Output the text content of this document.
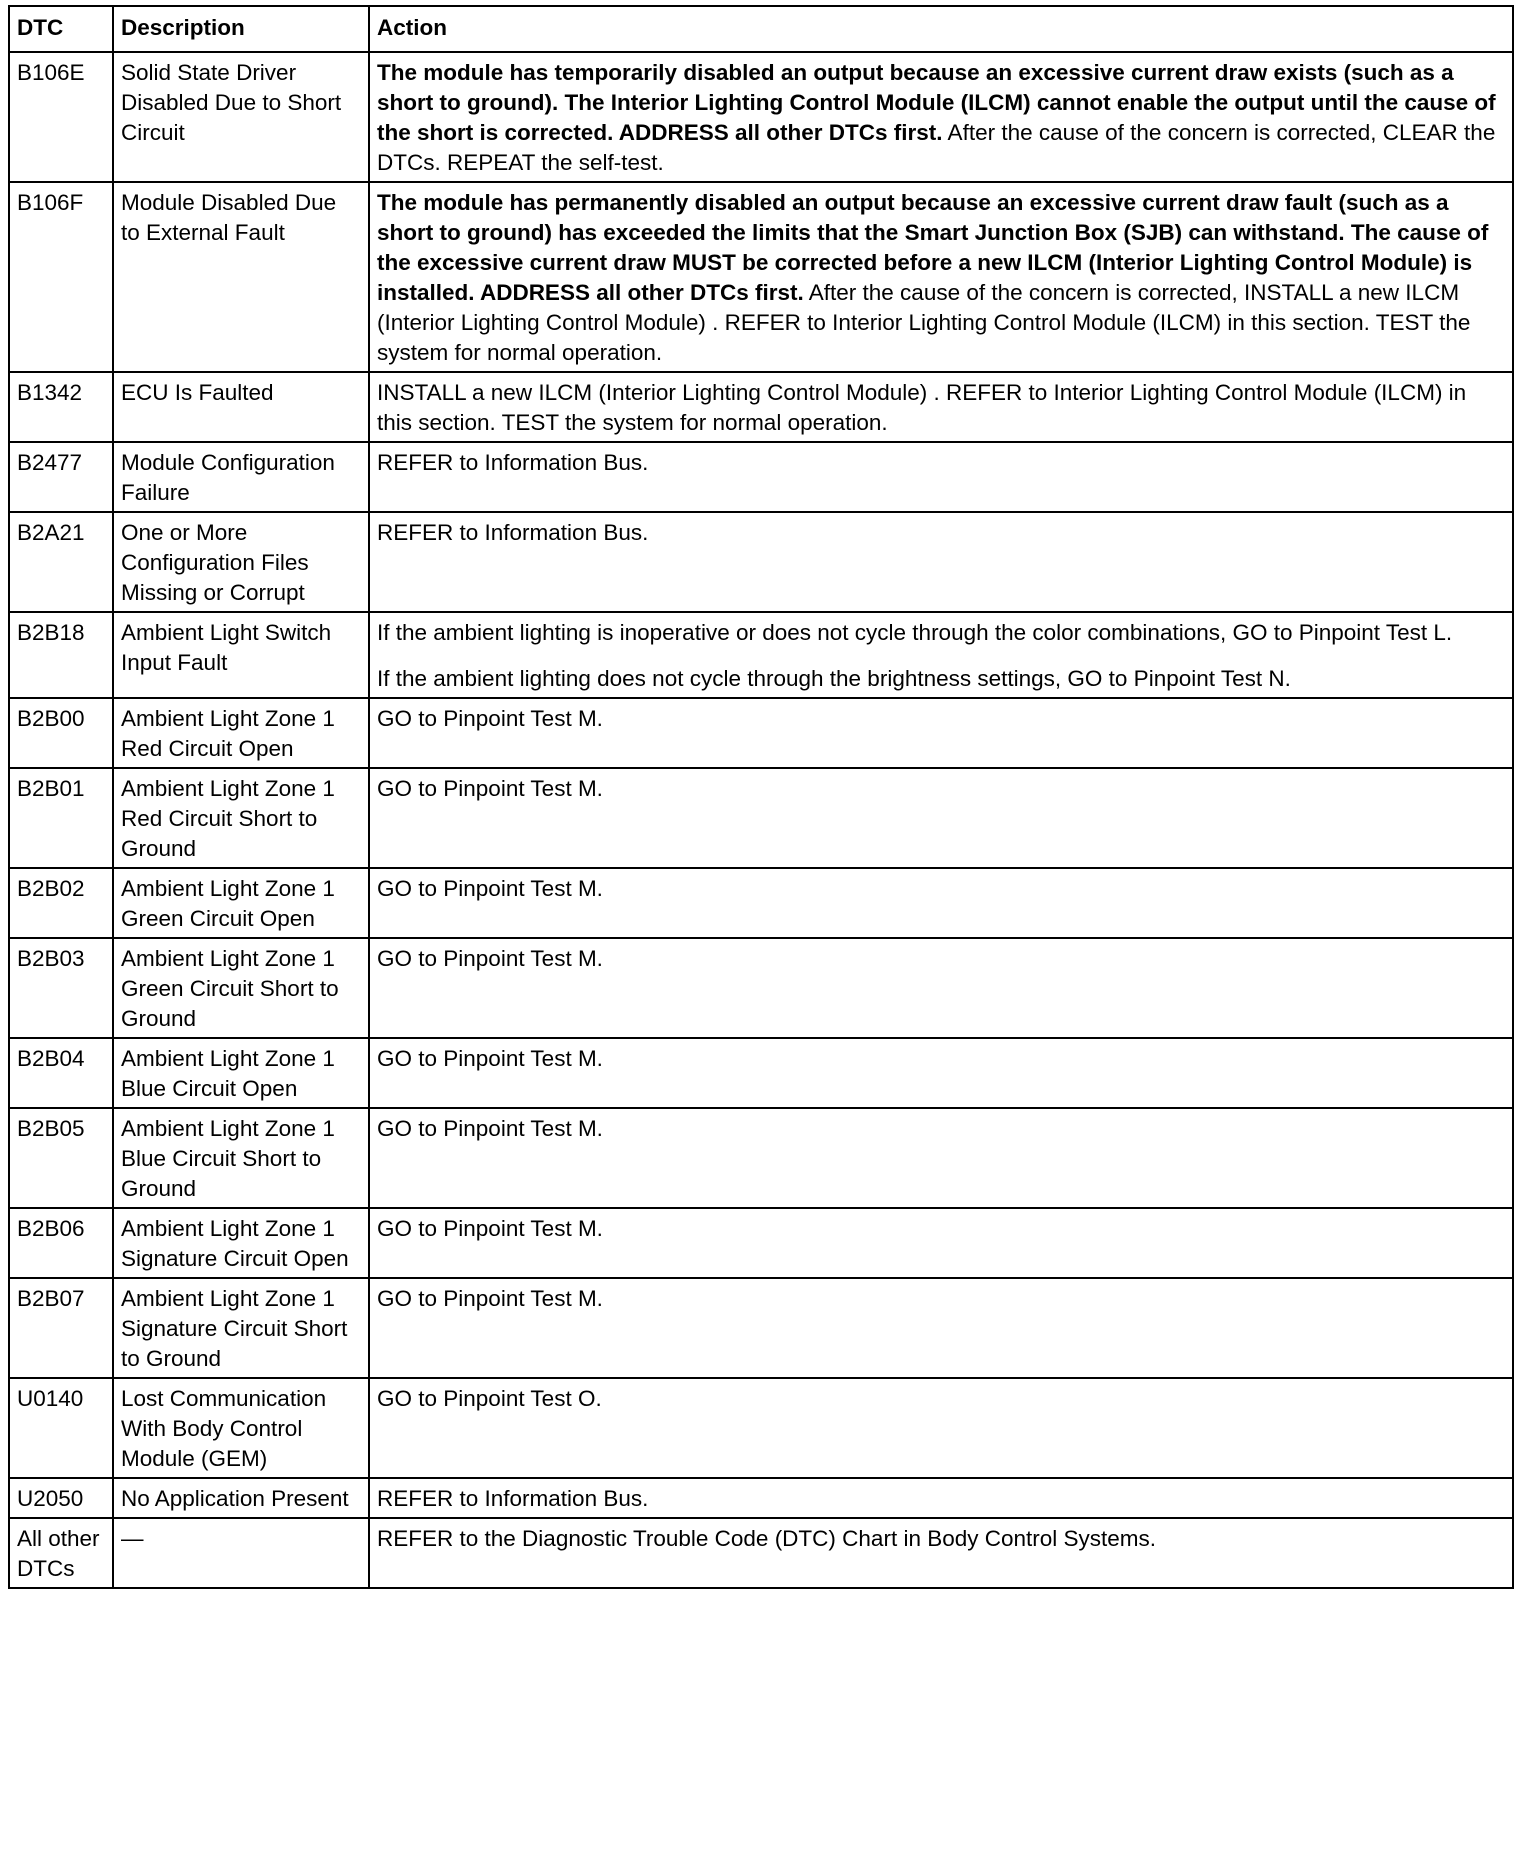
DTC	Description	Action
B106E	Solid State Driver Disabled Due to Short Circuit	The module has temporarily disabled an output because an excessive current draw exists (such as a short to ground). The Interior Lighting Control Module (ILCM) cannot enable the output until the cause of the short is corrected. ADDRESS all other DTCs first. After the cause of the concern is corrected, CLEAR the DTCs. REPEAT the self-test.

B106F	Module Disabled Due to External Fault	The module has permanently disabled an output because an excessive current draw fault (such as a short to ground) has exceeded the limits that the Smart Junction Box (SJB) can withstand. The cause of the excessive current draw MUST be corrected before a new ILCM (Interior Lighting Control Module) is installed. ADDRESS all other DTCs first. After the cause of the concern is corrected, INSTALL a new ILCM (Interior Lighting Control Module) . REFER to Interior Lighting Control Module (ILCM) in this section. TEST the system for normal operation.

B1342	ECU Is Faulted	INSTALL a new ILCM (Interior Lighting Control Module) . REFER to Interior Lighting Control Module (ILCM) in this section. TEST the system for normal operation.

B2477	Module Configuration Failure	REFER to Information Bus.

B2A21	One or More Configuration Files Missing or Corrupt	REFER to Information Bus.

B2B18	Ambient Light Switch Input Fault	If the ambient lighting is inoperative or does not cycle through the color combinations, GO to Pinpoint Test L.

If the ambient lighting does not cycle through the brightness settings, GO to Pinpoint Test N.

B2B00	Ambient Light Zone 1 Red Circuit Open	GO to Pinpoint Test M.

B2B01	Ambient Light Zone 1 Red Circuit Short to Ground	GO to Pinpoint Test M.

B2B02	Ambient Light Zone 1 Green Circuit Open	GO to Pinpoint Test M.

B2B03	Ambient Light Zone 1 Green Circuit Short to Ground	GO to Pinpoint Test M.

B2B04	Ambient Light Zone 1 Blue Circuit Open	GO to Pinpoint Test M.

B2B05	Ambient Light Zone 1 Blue Circuit Short to Ground	GO to Pinpoint Test M.

B2B06	Ambient Light Zone 1 Signature Circuit Open	GO to Pinpoint Test M.

B2B07	Ambient Light Zone 1 Signature Circuit Short to Ground	GO to Pinpoint Test M.

U0140	Lost Communication With Body Control Module (GEM)	GO to Pinpoint Test O.

U2050	No Application Present	REFER to Information Bus.

All other DTCs	—	REFER to the Diagnostic Trouble Code (DTC) Chart in Body Control Systems.
